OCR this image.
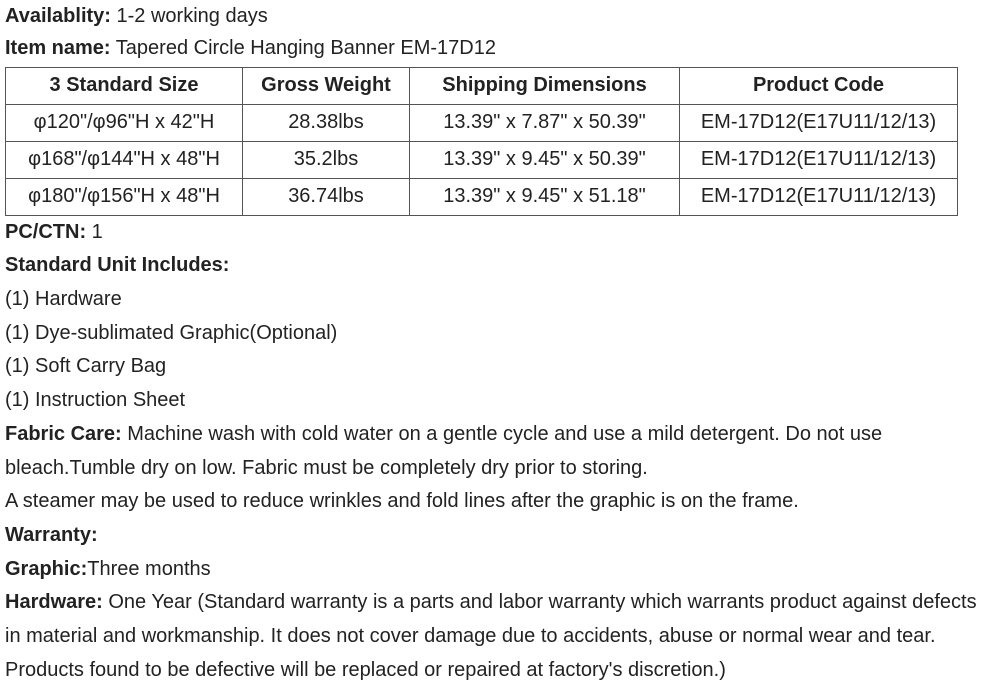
Availablity: 1-2 working days
Item name: Tapered Circle Hanging Banner EM-17D12
3 Standard Size	Gross Weight	Shipping Dimensions	Product Code
φ120"/φ96"H x 42"H	28.38lbs	13.39" x 7.87" x 50.39"	EM-17D12(E17U11/12/13)
φ168"/φ144"H x 48"H	35.2lbs	13.39" x 9.45" x 50.39"	EM-17D12(E17U11/12/13)
φ180"/φ156"H x 48"H	36.74lbs	13.39" x 9.45" x 51.18"	EM-17D12(E17U11/12/13)
PC/CTN: 1
Standard Unit Includes:
(1) Hardware
(1) Dye-sublimated Graphic(Optional)
(1) Soft Carry Bag
(1) Instruction Sheet
Fabric Care: Machine wash with cold water on a gentle cycle and use a mild detergent. Do not use bleach.Tumble dry on low. Fabric must be completely dry prior to storing.
A steamer may be used to reduce wrinkles and fold lines after the graphic is on the frame.
Warranty:
Graphic:Three months
Hardware: One Year (Standard warranty is a parts and labor warranty which warrants product against defects in material and workmanship. It does not cover damage due to accidents, abuse or normal wear and tear. Products found to be defective will be replaced or repaired at factory's discretion.)
